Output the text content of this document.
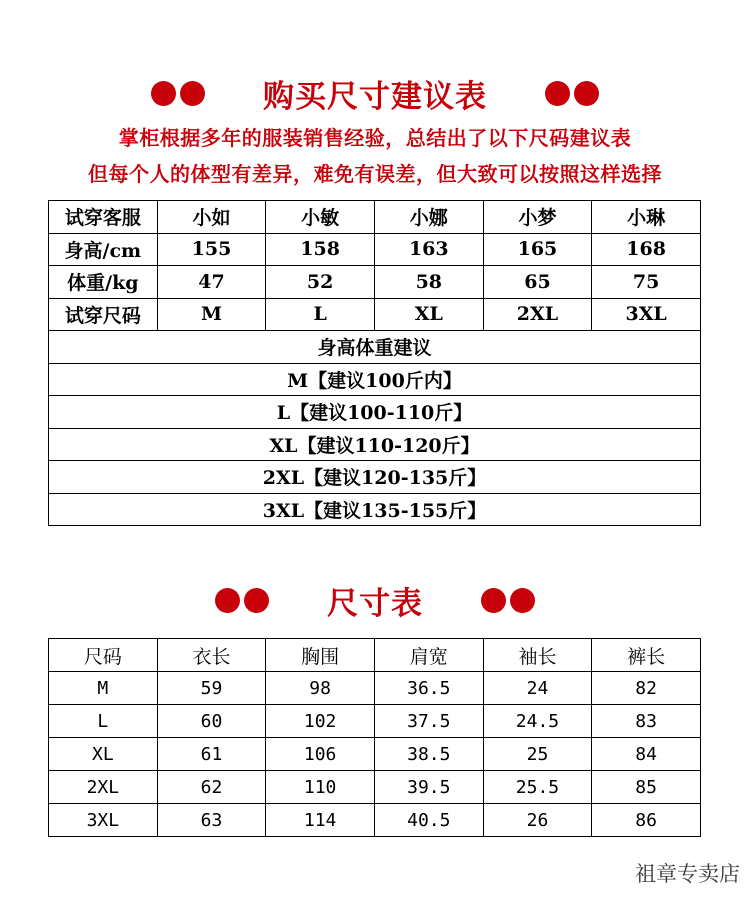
购买尺寸建议表
掌柜根据多年的服装销售经验，总结出了以下尺码建议表
但每个人的体型有差异，难免有误差，但大致可以按照这样选择
试穿客服	小如	小敏	小娜	小梦	小琳
身高/cm	155	158	163	165	168
体重/kg	47	52	58	65	75
试穿尺码	M	L	XL	2XL	3XL
身高体重建议					
M【建议100斤内】					
L【建议100-110斤】					
XL【建议110-120斤】					
2XL【建议120-135斤】					
3XL【建议135-155斤】					
尺寸表
尺码	衣长	胸围	肩宽	袖长	裤长
M	59	98	36.5	24	82
L	60	102	37.5	24.5	83
XL	61	106	38.5	25	84
2XL	62	110	39.5	25.5	85
3XL	63	114	40.5	26	86
祖章专卖店
